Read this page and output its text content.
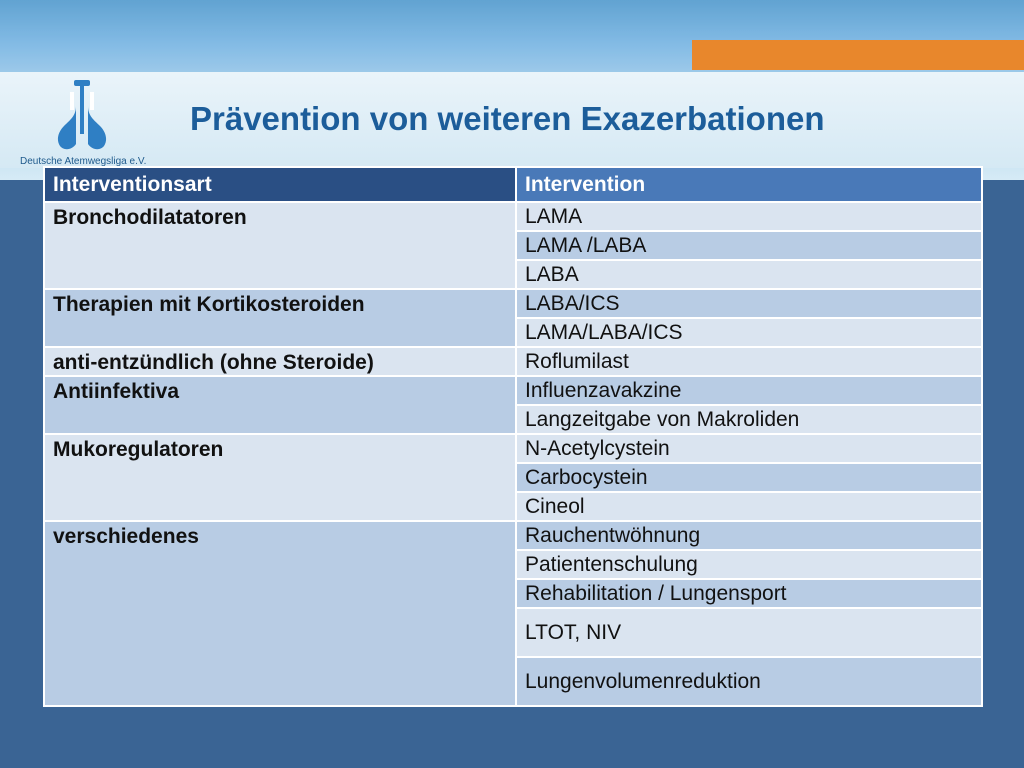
Deutsche Atemwegsliga e.V.
Prävention von weiteren Exazerbationen
Interventionsart	Intervention
Bronchodilatatoren	LAMA
	LAMA /LABA
	LABA
Therapien mit Kortikosteroiden	LABA/ICS
	LAMA/LABA/ICS
anti-entzündlich (ohne Steroide)	Roflumilast
Antiinfektiva	Influenzavakzine
	Langzeitgabe von Makroliden
Mukoregulatoren	N-Acetylcystein
	Carbocystein
	Cineol
verschiedenes	Rauchentwöhnung
	Patientenschulung
	Rehabilitation / Lungensport
	LTOT, NIV
	Lungenvolumenreduktion
